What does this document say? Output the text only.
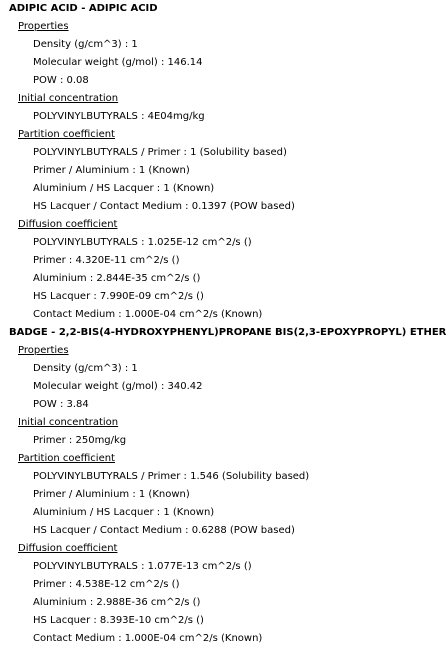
ADIPIC ACID - ADIPIC ACID
Properties
Density (g/cm^3) : 1
Molecular weight (g/mol) : 146.14
POW : 0.08
Initial concentration
POLYVINYLBUTYRALS : 4E04mg/kg
Partition coefficient
POLYVINYLBUTYRALS / Primer : 1 (Solubility based)
Primer / Aluminium : 1 (Known)
Aluminium / HS Lacquer : 1 (Known)
HS Lacquer / Contact Medium : 0.1397 (POW based)
Diffusion coefficient
POLYVINYLBUTYRALS : 1.025E-12 cm^2/s ()
Primer : 4.320E-11 cm^2/s ()
Aluminium : 2.844E-35 cm^2/s ()
HS Lacquer : 7.990E-09 cm^2/s ()
Contact Medium : 1.000E-04 cm^2/s (Known)
BADGE - 2,2-BIS(4-HYDROXYPHENYL)PROPANE BIS(2,3-EPOXYPROPYL) ETHER
Properties
Density (g/cm^3) : 1
Molecular weight (g/mol) : 340.42
POW : 3.84
Initial concentration
Primer : 250mg/kg
Partition coefficient
POLYVINYLBUTYRALS / Primer : 1.546 (Solubility based)
Primer / Aluminium : 1 (Known)
Aluminium / HS Lacquer : 1 (Known)
HS Lacquer / Contact Medium : 0.6288 (POW based)
Diffusion coefficient
POLYVINYLBUTYRALS : 1.077E-13 cm^2/s ()
Primer : 4.538E-12 cm^2/s ()
Aluminium : 2.988E-36 cm^2/s ()
HS Lacquer : 8.393E-10 cm^2/s ()
Contact Medium : 1.000E-04 cm^2/s (Known)
